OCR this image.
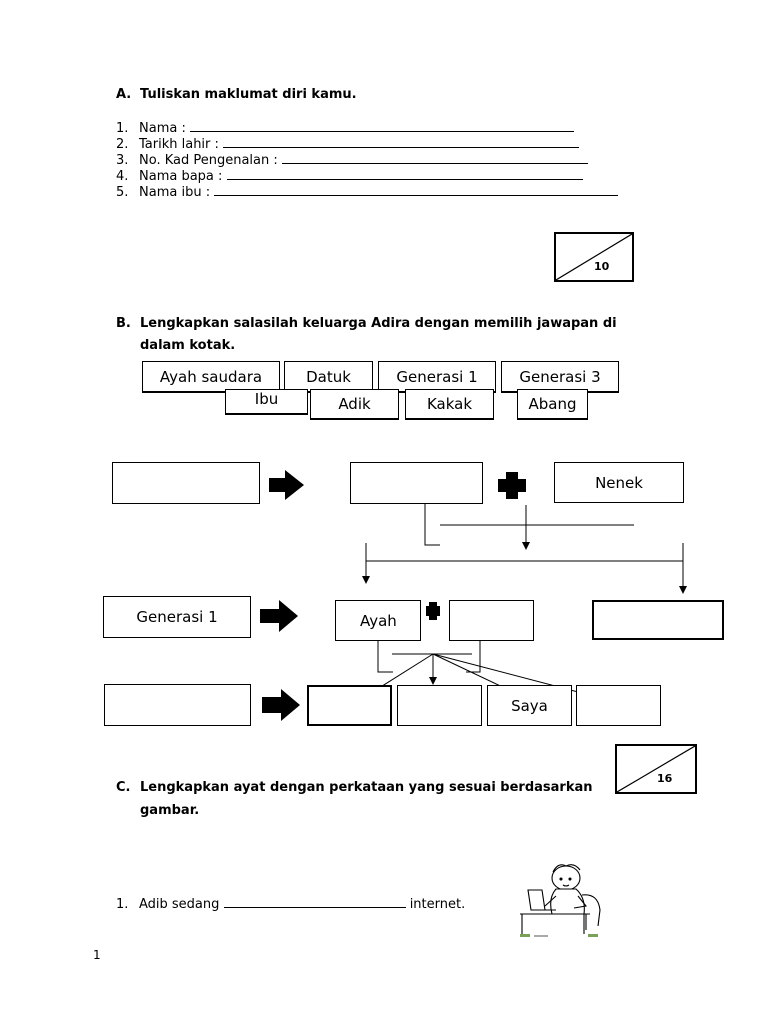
A. Tuliskan maklumat diri kamu.
1. Nama :
2. Tarikh lahir :
3. No. Kad Pengenalan :
4. Nama bapa :
5. Nama ibu :
10
B. Lengkapkan salasilah keluarga Adira dengan memilih jawapan di
dalam kotak.
Ayah saudara	Datuk	Generasi 1	Generasi 3
Ibu	Adik	Kakak	Abang
Nenek
Generasi 1	Ayah
Saya
16
C. Lengkapkan ayat dengan perkataan yang sesuai berdasarkan
gambar.
1. Adib sedang	internet.
1
